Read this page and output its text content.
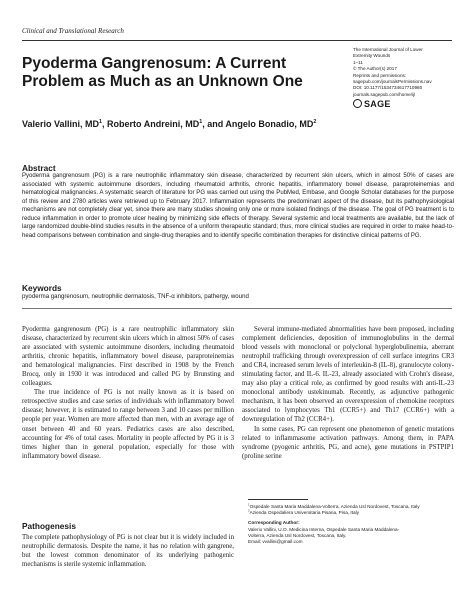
Clinical and Translational Research
Pyoderma Gangrenosum: A Current Problem as Much as an Unknown One
The International Journal of Lower
Extremity Wounds
1–11
© The Author(s) 2017
Reprints and permissions:
sagepub.com/journalsPermissions.nav
DOI: 10.1177/1534734617710980
journals.sagepub.com/home/ijl
SAGE
Valerio Vallini, $MD^1$, Roberto Andreini, $MD^1$, and Angelo Bonadio, $MD^2$
Abstract
Pyoderma gangrenosum (PG) is a rare neutrophilic inflammatory skin disease, characterized by recurrent skin ulcers, which in almost 50% of cases are associated with systemic autoimmune disorders, including rheumatoid arthritis, chronic hepatitis, inflammatory bowel disease, paraproteinemias and hematological malignancies. A systematic search of literature for PG was carried out using the PubMed, Embase, and Google Scholar databases for the purpose of this review and 2780 articles were retrieved up to February 2017. Inflammation represents the predominant aspect of the disease, but its pathophysiological mechanisms are not completely clear yet, since there are many studies showing only one or more isolated findings of the disease. The goal of PG treatment is to reduce inflammation in order to promote ulcer healing by minimizing side effects of therapy. Several systemic and local treatments are available, but the lack of large randomized double-blind studies results in the absence of a uniform therapeutic standard; thus, more clinical studies are required in order to make head-to-head comparisons between combination and single-drug therapies and to identify specific combination therapies for distinctive clinical patterns of PG.
Keywords
pyoderma gangrenosum, neutrophilic dermatosis, TNF-α inhibitors, pathergy, wound

Pyoderma gangrenosum (PG) is a rare neutrophilic inflammatory skin disease, characterized by recurrent skin ulcers which in almost 50% of cases are associated with systemic autoimmune disorders, including rheumatoid arthritis, chronic hepatitis, inflammatory bowel disease, paraproteinemias and hematological malignancies. First described in 1908 by the French Brocq, only in 1930 it was introduced and called PG by Brunsting and colleagues.

The true incidence of PG is not really known as it is based on retrospective studies and case series of individuals with inflammatory bowel disease; however, it is estimated to range between 3 and 10 cases per million people per year. Women are more affected than men, with an average age of onset between 40 and 60 years. Pediatrics cases are also described, accounting for 4% of total cases. Mortality in people affected by PG it is 3 times higher than in general population, especially for those with inflammatory bowel disease.

Pathogenesis
The complete pathophysiology of PG is not clear but it is widely included in neutrophilic dermatosis. Despite the name, it has no relation with gangrene, but the lowest common denominator of its underlying pathogenic mechanisms is sterile systemic inflammation.

Several immune-mediated abnormalities have been proposed, including complement deficiencies, deposition of immunoglobulins in the dermal blood vessels with monoclonal or polyclonal hyperglobulinemia, aberrant neutrophil trafficking through overexpression of cell surface integrins CR3 and CR4, increased serum levels of interleukin-8 (IL-8), granulocyte colony-stimulating factor, and IL-6. IL-23, already associated with Crohn's disease, may also play a critical role, as confirmed by good results with anti-IL-23 monoclonal antibody ustekinumab. Recently, as adjunctive pathogenic mechanism, it has been observed an overexpression of chemokine receptors associated to lymphocytes Th1 (CCR5+) and Th17 (CCR6+) with a downregulation of Th2 (CCR4+).

In some cases, PG can represent one phenomenon of genetic mutations related to inflammasome activation pathways. Among them, in PAPA syndrome (pyogenic arthritis, PG, and acne), gene mutations in PSTPIP1 (proline serine

$^1$Ospedale Santa Maria Maddalena-Volterra, Azienda Usl Nordovest, Toscana, Italy
$^2$Azienda Ospedaliera Universitaria Pisana, Pisa, Italy
Corresponding Author:
Valerio Vallini, U.O. Medicina Interna, Ospedale Santa Maria Maddalena-
Volterra, Azienda Usl Nordovest, Toscana, Italy.
Email: vvallini@gmail.com
